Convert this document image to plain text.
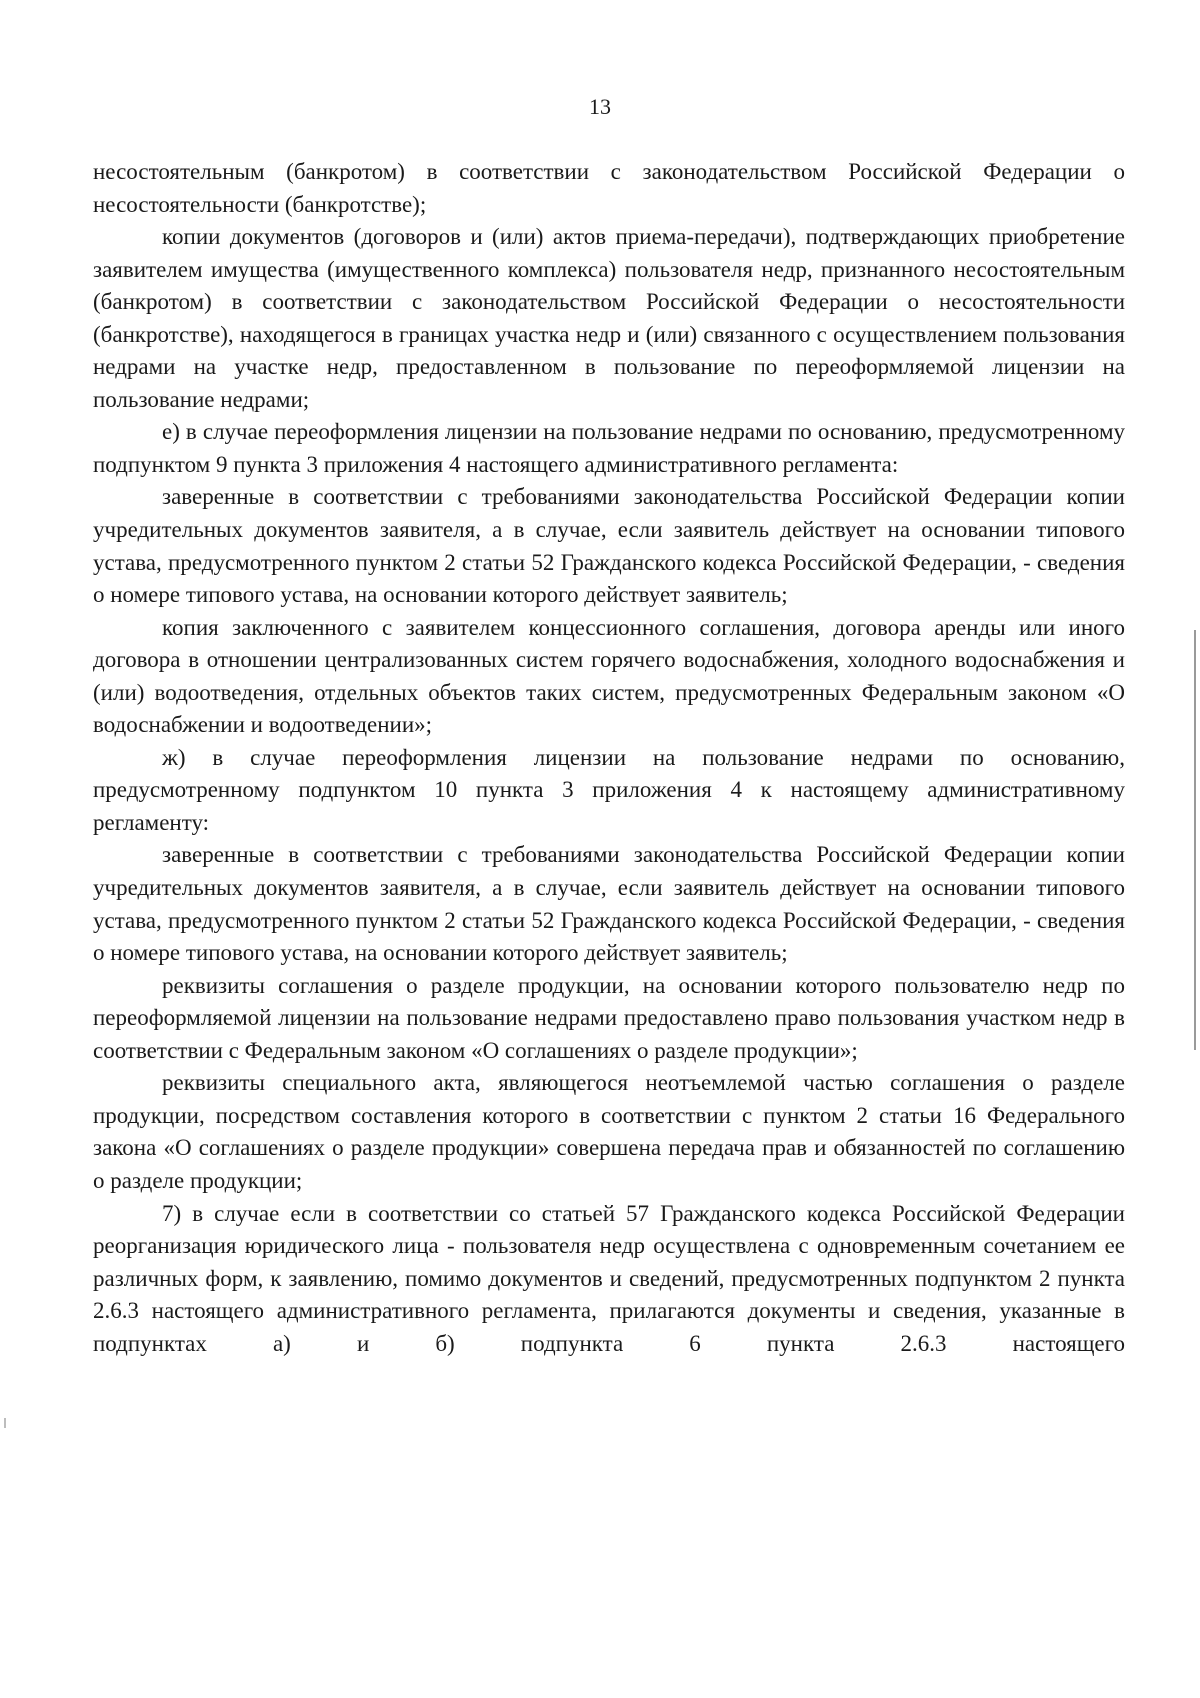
13

несостоятельным (банкротом) в соответствии с законодательством Российской Федерации о несостоятельности (банкротстве);

копии документов (договоров и (или) актов приема-передачи), подтверждающих приобретение заявителем имущества (имущественного комплекса) пользователя недр, признанного несостоятельным (банкротом) в соответствии с законодательством Российской Федерации о несостоятельности (банкротстве), находящегося в границах участка недр и (или) связанного с осуществлением пользования недрами на участке недр, предоставленном в пользование по переоформляемой лицензии на пользование недрами;

е) в случае переоформления лицензии на пользование недрами по основанию, предусмотренному подпунктом 9 пункта 3 приложения 4 настоящего административного регламента:

заверенные в соответствии с требованиями законодательства Российской Федерации копии учредительных документов заявителя, а в случае, если заявитель действует на основании типового устава, предусмотренного пунктом 2 статьи 52 Гражданского кодекса Российской Федерации, - сведения о номере типового устава, на основании которого действует заявитель;

копия заключенного с заявителем концессионного соглашения, договора аренды или иного договора в отношении централизованных систем горячего водоснабжения, холодного водоснабжения и (или) водоотведения, отдельных объектов таких систем, предусмотренных Федеральным законом «О водоснабжении и водоотведении»;

ж) в случае переоформления лицензии на пользование недрами по основанию, предусмотренному подпунктом 10 пункта 3 приложения 4 к настоящему административному регламенту:

заверенные в соответствии с требованиями законодательства Российской Федерации копии учредительных документов заявителя, а в случае, если заявитель действует на основании типового устава, предусмотренного пунктом 2 статьи 52 Гражданского кодекса Российской Федерации, - сведения о номере типового устава, на основании которого действует заявитель;

реквизиты соглашения о разделе продукции, на основании которого пользователю недр по переоформляемой лицензии на пользование недрами предоставлено право пользования участком недр в соответствии с Федеральным законом «О соглашениях о разделе продукции»;

реквизиты специального акта, являющегося неотъемлемой частью соглашения о разделе продукции, посредством составления которого в соответствии с пунктом 2 статьи 16 Федерального закона «О соглашениях о разделе продукции» совершена передача прав и обязанностей по соглашению о разделе продукции;

7) в случае если в соответствии со статьей 57 Гражданского кодекса Российской Федерации реорганизация юридического лица - пользователя недр осуществлена с одновременным сочетанием ее различных форм, к заявлению, помимо документов и сведений, предусмотренных подпунктом 2 пункта 2.6.3 настоящего административного регламента, прилагаются документы и сведения, указанные в подпунктах а) и б) подпункта 6 пункта 2.6.3 настоящего
